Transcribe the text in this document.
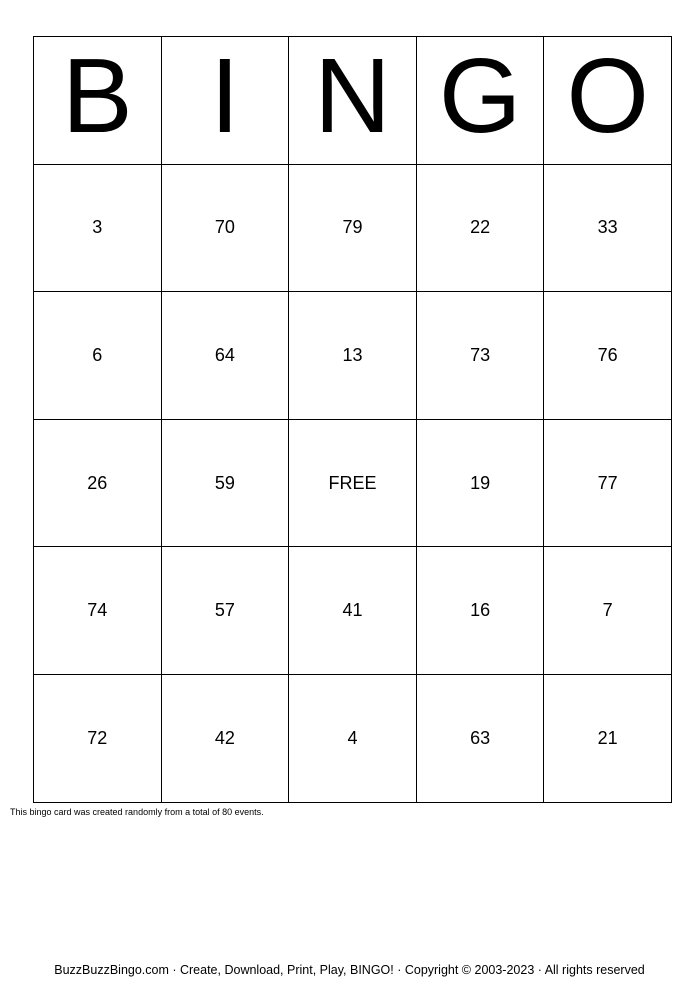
B	I	N	G	O
3	70	79	22	33
6	64	13	73	76
26	59	FREE	19	77
74	57	41	16	7
72	42	4	63	21
This bingo card was created randomly from a total of 80 events.
BuzzBuzzBingo.com · Create, Download, Print, Play, BINGO! · Copyright © 2003-2023 · All rights reserved
